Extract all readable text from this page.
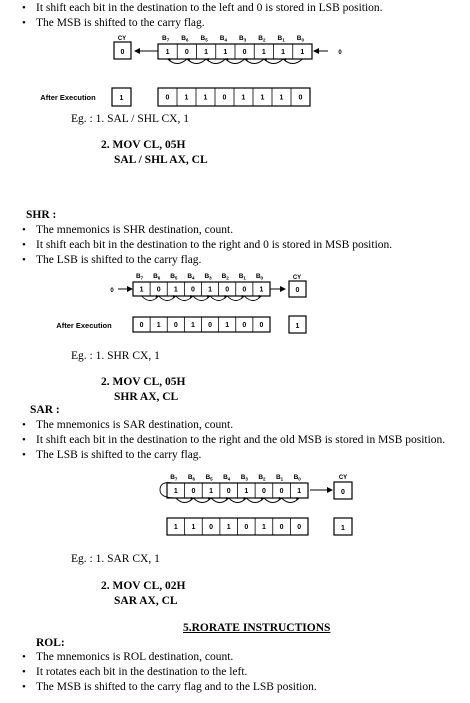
• It shift each bit in the destination to the left and 0 is stored in LSB position.
• The MSB is shifted to the carry flag.
CY
0	1
$B_7$
0
$B_6$
1
$B_5$
1
$B_4$
0
$B_3$
1
$B_2$
1
$B_1$
1
$B_0$
0
After Execution	1	0 1 1 0 1 1 1 0
0	1
$B_7$
0
$B_6$
1
$B_5$
0
$B_4$
1
$B_3$
0
$B_2$
0
$B_1$
1
$B_0$	CY
0
After Execution	0 1 0 1 0 1 0 0	1
1
$B_7$
0
$B_6$
1
$B_5$
0
$B_4$
1
$B_3$
0
$B_2$
0
$B_1$
1
$B_0$	CY
0
1 1 0 1 0 1 0 0	1
Eg. : 1. SAL / SHL CX, 1
2. MOV CL, 05H
SAL / SHL AX, CL
SHR :
• The mnemonics is SHR destination, count.
• It shift each bit in the destination to the right and 0 is stored in MSB position.
• The LSB is shifted to the carry flag.
Eg. : 1. SHR CX, 1
2. MOV CL, 05H
SHR AX, CL
SAR :
• The mnemonics is SAR destination, count.
• It shift each bit in the destination to the right and the old MSB is stored in MSB position.
• The LSB is shifted to the carry flag.
Eg. : 1. SAR CX, 1
2. MOV CL, 02H
SAR AX, CL
5.RORATE INSTRUCTIONS
ROL:
• The mnemonics is ROL destination, count.
• It rotates each bit in the destination to the left.
• The MSB is shifted to the carry flag and to the LSB position.
